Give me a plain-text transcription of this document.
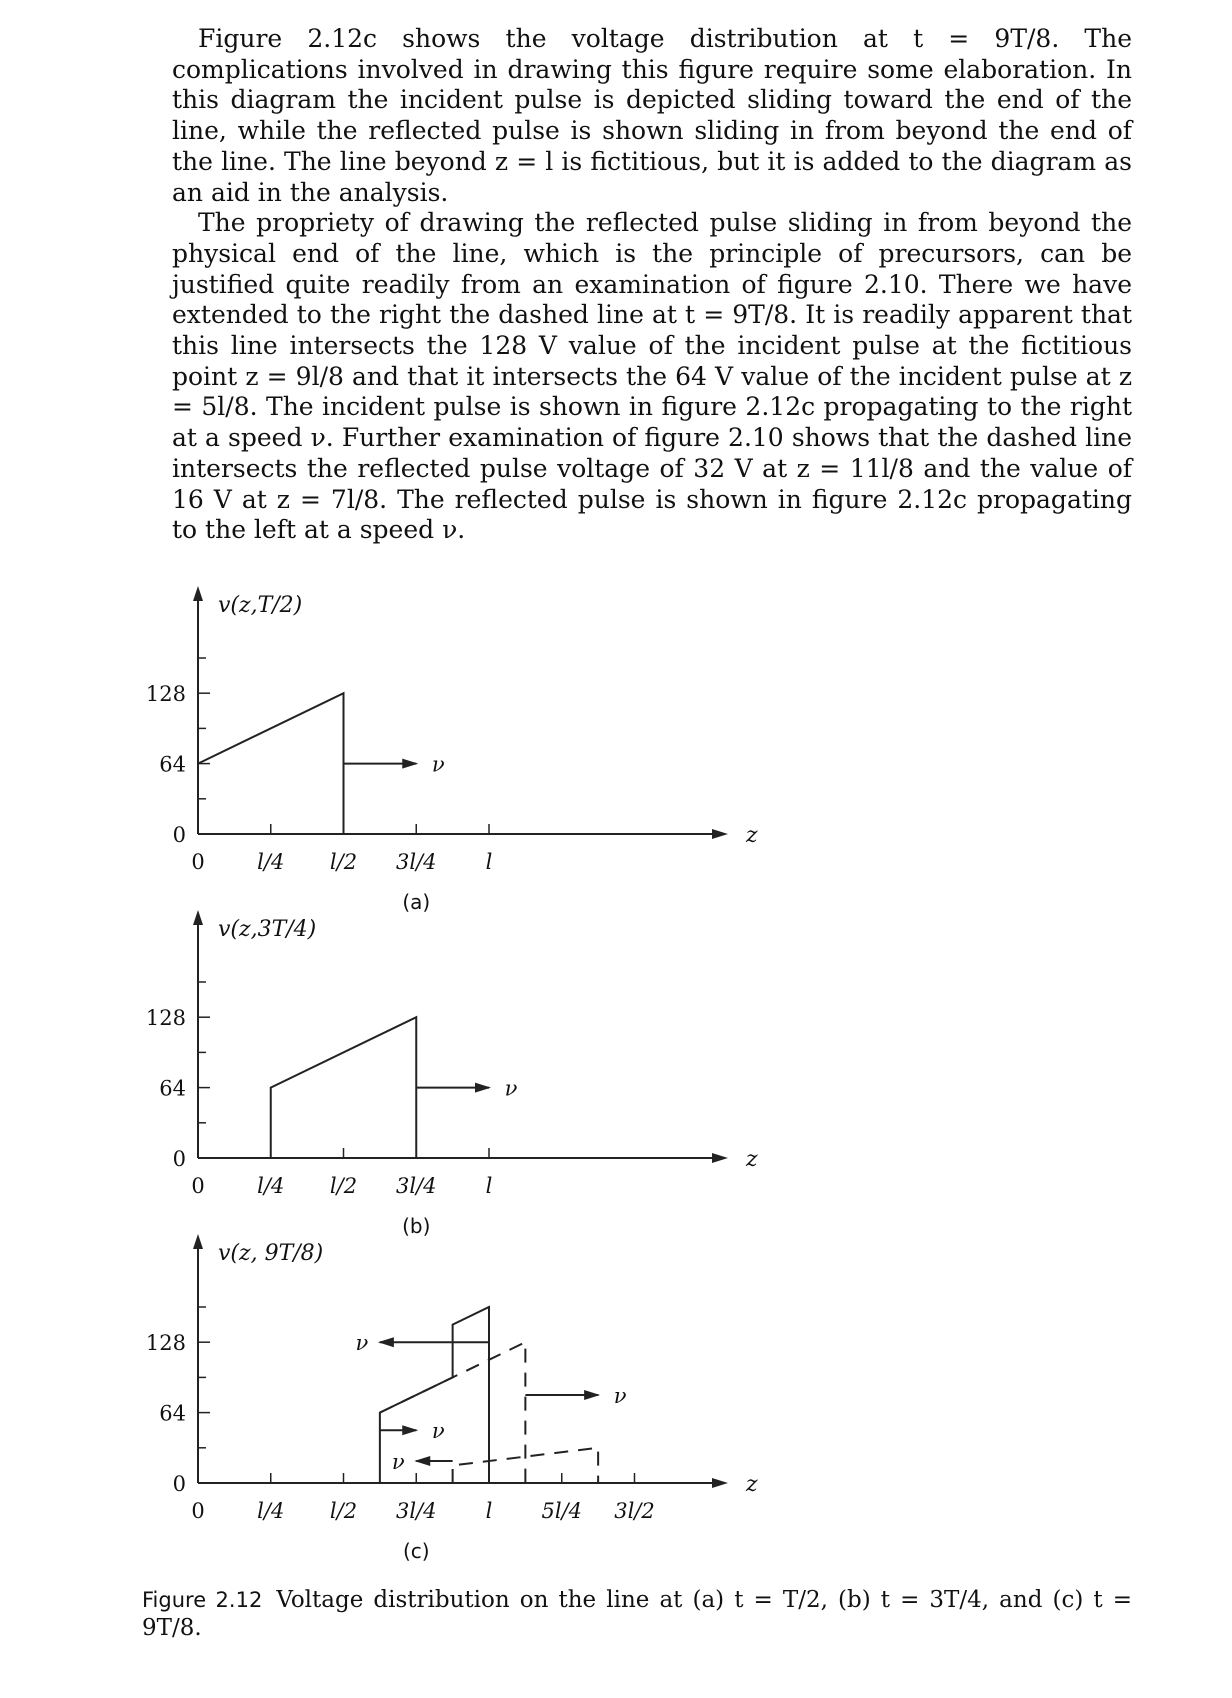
Figure 2.12c shows the voltage distribution at t = 9T/8. The complications involved in drawing this figure require some elaboration. In this diagram the incident pulse is depicted sliding toward the end of the line, while the reflected pulse is shown sliding in from beyond the end of the line. The line beyond z = l is fictitious, but it is added to the diagram as an aid in the analysis.

The propriety of drawing the reflected pulse sliding in from beyond the physical end of the line, which is the principle of precursors, can be justified quite readily from an examination of figure 2.10. There we have extended to the right the dashed line at t = 9T/8. It is readily apparent that this line intersects the 128 V value of the incident pulse at the fictitious point z = 9l/8 and that it intersects the 64 V value of the incident pulse at z = 5l/8. The incident pulse is shown in figure 2.12c propagating to the right at a speed ν. Further examination of figure 2.10 shows that the dashed line intersects the reflected pulse voltage of 32 V at z = 11l/8 and the value of 16 V at z = 7l/8. The reflected pulse is shown in figure 2.12c propagating to the left at a speed ν.

0
64
128
0 l/4 l/2 3l/4 l
v(z,T/2)
z
(a)
ν
0
64
128
0 l/4 l/2 3l/4 l
v(z,3T/4)
z
(b)
ν
0
64
128
0 l/4 l/2 3l/4 l 5l/4 3l/2
v(z, 9T/8)
z
(c)
ν
ν
ν
ν
Figure 2.12 Voltage distribution on the line at (a) t = T/2, (b) t = 3T/4, and (c) t = 9T/8.
